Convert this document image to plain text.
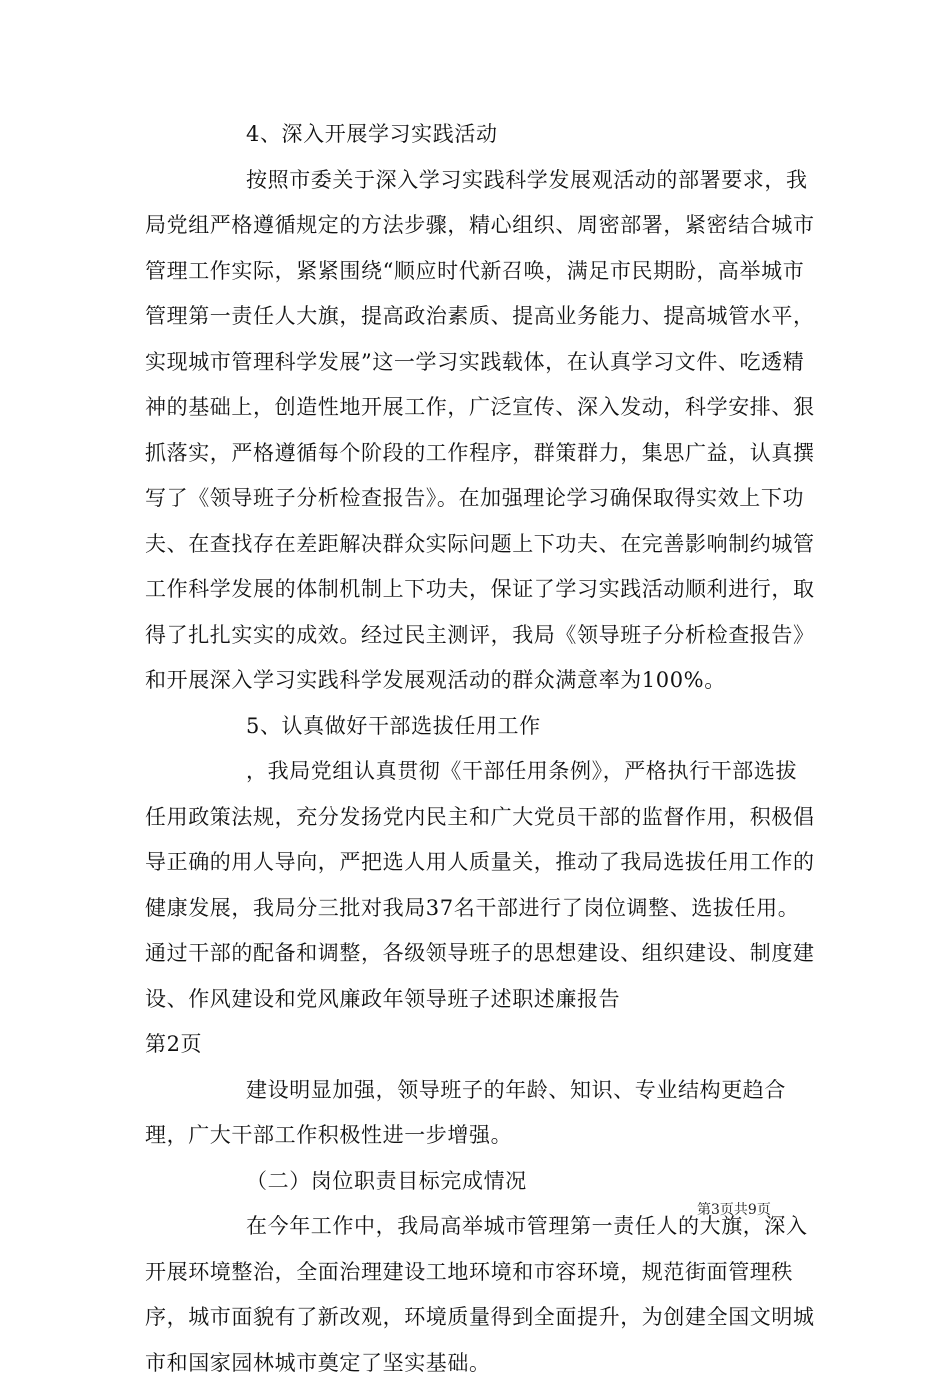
4、深入开展学习实践活动

按照市委关于深入学习实践科学发展观活动的部署要求，我局党组严格遵循规定的方法步骤，精心组织、周密部署，紧密结合城市管理工作实际，紧紧围绕“顺应时代新召唤，满足市民期盼，高举城市管理第一责任人大旗，提高政治素质、提高业务能力、提高城管水平，实现城市管理科学发展”这一学习实践载体，在认真学习文件、吃透精神的基础上，创造性地开展工作，广泛宣传、深入发动，科学安排、狠抓落实，严格遵循每个阶段的工作程序，群策群力，集思广益，认真撰写了《领导班子分析检查报告》。在加强理论学习确保取得实效上下功夫、在查找存在差距解决群众实际问题上下功夫、在完善影响制约城管工作科学发展的体制机制上下功夫，保证了学习实践活动顺利进行，取得了扎扎实实的成效。经过民主测评，我局《领导班子分析检查报告》和开展深入学习实践科学发展观活动的群众满意率为100%。

5、认真做好干部选拔任用工作

，我局党组认真贯彻《干部任用条例》，严格执行干部选拔任用政策法规，充分发扬党内民主和广大党员干部的监督作用，积极倡导正确的用人导向，严把选人用人质量关，推动了我局选拔任用工作的健康发展，我局分三批对我局37名干部进行了岗位调整、选拔任用。通过干部的配备和调整，各级领导班子的思想建设、组织建设、制度建设、作风建设和党风廉政年领导班子述职述廉报告

第2页

建设明显加强，领导班子的年龄、知识、专业结构更趋合理，广大干部工作积极性进一步增强。

（二）岗位职责目标完成情况

在今年工作中，我局高举城市管理第一责任人的大旗，深入开展环境整治，全面治理建设工地环境和市容环境，规范街面管理秩序，城市面貌有了新改观，环境质量得到全面提升，为创建全国文明城市和国家园林城市奠定了坚实基础。

第3页共9页
